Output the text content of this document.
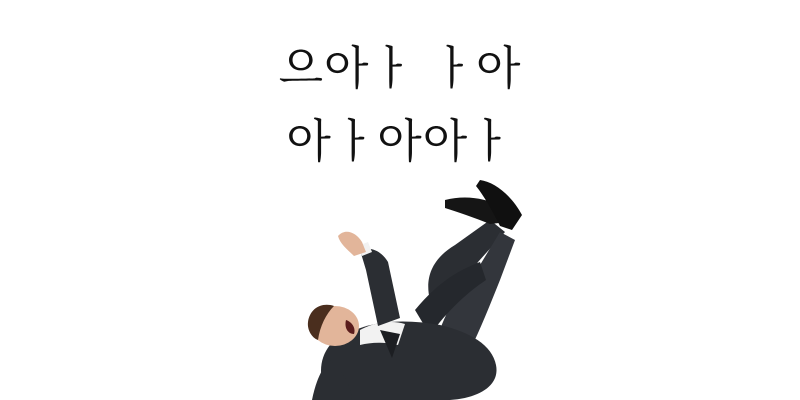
으아ㅏ ㅏ아
아ㅏ아아ㅏ
